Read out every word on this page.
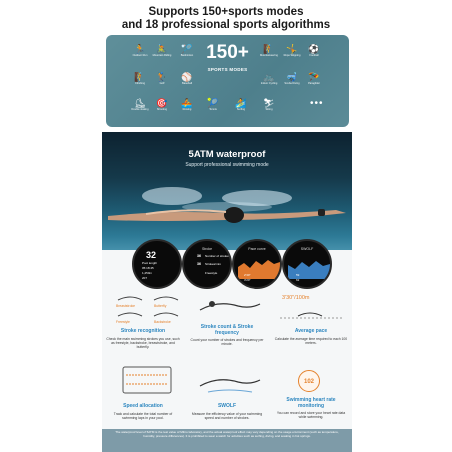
Supports 150+sports modes
and 18 professional sports algorithms
🏃
Outdoor Run
🚴
Mountain Riding
🏸
Badminton
🧗
Mountaineering
🤸
Rope Skipping
⚽
Football
🧗
Climbing
🏌
Golf
⚾
Baseball
🚲
Indoor Cycling
🤿
Scuba Diving
🪂
Paraglider
⛸
Double skating
🎯
Shooting
🚣
Rowing
🎾
Tennis
🏄
Surfing
⛷
Skiing
150+
SPORTS MODES
•••
5ATM waterproof
Support professional swimming mode
32
Pool length
05:18:45
1,250m
207
Stroke
36 Number of strokes
36 Strokes/min
Freestyle
Pace curve
2'30"
3'20"
SWOLF
59
62
Breaststroke	Butterfly
Freestyle	Backstroke
3'30"/100m
102
Stroke recognition
Check the main swimming strokes you use, such as freestyle, backstroke, breaststroke, and butterfly.
Stroke count & Stroke frequency
Count your number of strokes and frequency per minute.
Average pace
Calculate the average time required to each 100 meters.
Speed allocation
Track and calculate the total number of swimming laps in your pool.
SWOLF
Measure the efficiency value of your swimming speed and number of strokes.
Swimming heart rate monitoring
You can record and store your heart rate data while swimming.
The waterproof level of 5ATM is the test value of Mibro laboratory, and the actual waterproof effect may vary depending on the usage environment (such as temperature, humidity, pressure differences). It is prohibited to wear a watch for activities such as surfing, diving, and soaking in hot springs.
